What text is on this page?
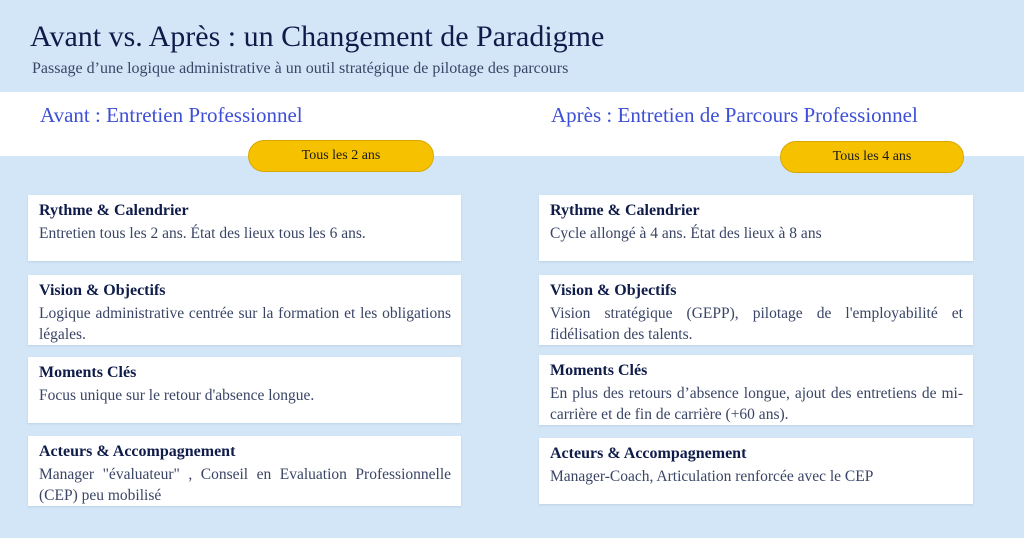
Avant vs. Après : un Changement de Paradigme
Passage d’une logique administrative à un outil stratégique de pilotage des parcours
Avant : Entretien Professionnel
Tous les 2 ans
Rythme & Calendrier
Entretien tous les 2 ans. État des lieux tous les 6 ans.
Vision & Objectifs
Logique administrative centrée sur la formation et les obligations légales.
Moments Clés
Focus unique sur le retour d'absence longue.
Acteurs & Accompagnement
Manager "évaluateur" , Conseil en Evaluation Professionnelle (CEP) peu mobilisé
Après : Entretien de Parcours Professionnel
Tous les 4 ans
Rythme & Calendrier
Cycle allongé à 4 ans. État des lieux à 8 ans
Vision & Objectifs
Vision stratégique (GEPP), pilotage de l'employabilité et fidélisation des talents.
Moments Clés
En plus des retours d’absence longue, ajout des entretiens de mi-carrière et de fin de carrière (+60 ans).
Acteurs & Accompagnement
Manager-Coach, Articulation renforcée avec le CEP
